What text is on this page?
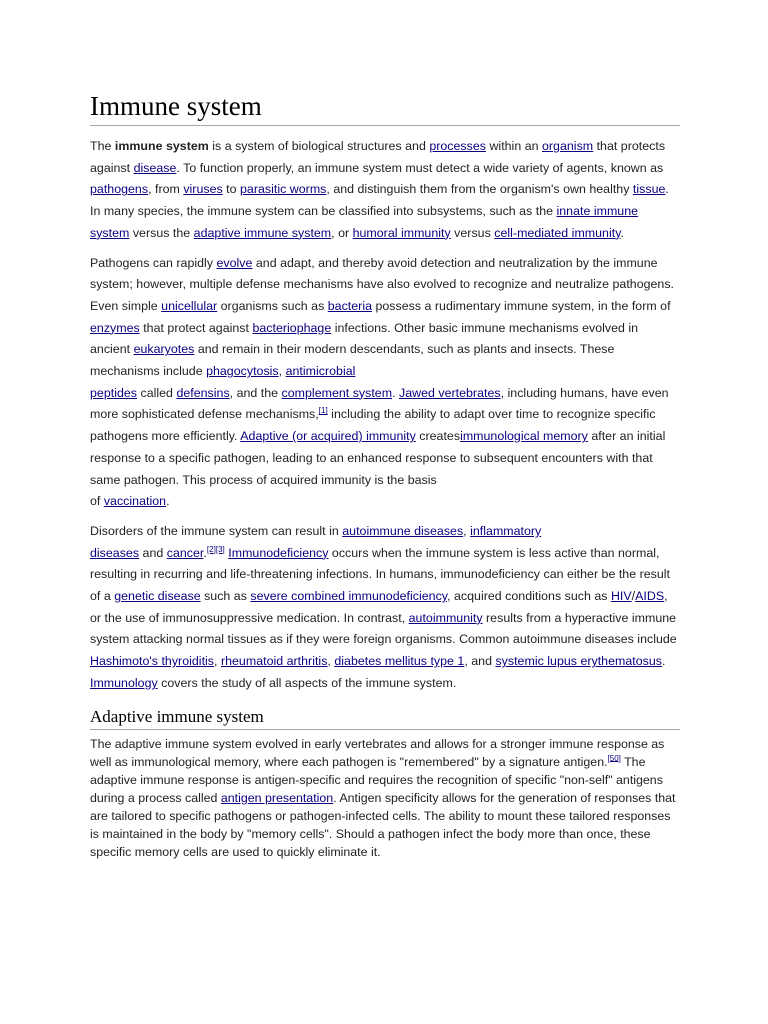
Immune system

The immune system is a system of biological structures and processes within an organism that protects against disease. To function properly, an immune system must detect a wide variety of agents, known as pathogens, from viruses to parasitic worms, and distinguish them from the organism's own healthy tissue. In many species, the immune system can be classified into subsystems, such as the innate immune system versus the adaptive immune system, or humoral immunity versus cell-mediated immunity.

Pathogens can rapidly evolve and adapt, and thereby avoid detection and neutralization by the immune system; however, multiple defense mechanisms have also evolved to recognize and neutralize pathogens. Even simple unicellular organisms such as bacteria possess a rudimentary immune system, in the form of enzymes that protect against bacteriophage infections. Other basic immune mechanisms evolved in ancient eukaryotes and remain in their modern descendants, such as plants and insects. These mechanisms include phagocytosis, antimicrobial
peptides called defensins, and the complement system. Jawed vertebrates, including humans, have even more sophisticated defense mechanisms,[1] including the ability to adapt over time to recognize specific pathogens more efficiently. Adaptive (or acquired) immunity createsimmunological memory after an initial response to a specific pathogen, leading to an enhanced response to subsequent encounters with that same pathogen. This process of acquired immunity is the basis
of vaccination.

Disorders of the immune system can result in autoimmune diseases, inflammatory
diseases and cancer.[2][3] Immunodeficiency occurs when the immune system is less active than normal, resulting in recurring and life-threatening infections. In humans, immunodeficiency can either be the result of a genetic disease such as severe combined immunodeficiency, acquired conditions such as HIV/AIDS, or the use of immunosuppressive medication. In contrast, autoimmunity results from a hyperactive immune system attacking normal tissues as if they were foreign organisms. Common autoimmune diseases include Hashimoto's thyroiditis, rheumatoid arthritis, diabetes mellitus type 1, and systemic lupus erythematosus. Immunology covers the study of all aspects of the immune system.

Adaptive immune system

The adaptive immune system evolved in early vertebrates and allows for a stronger immune response as well as immunological memory, where each pathogen is "remembered" by a signature antigen.[50] The adaptive immune response is antigen-specific and requires the recognition of specific "non-self" antigens during a process called antigen presentation. Antigen specificity allows for the generation of responses that are tailored to specific pathogens or pathogen-infected cells. The ability to mount these tailored responses is maintained in the body by "memory cells". Should a pathogen infect the body more than once, these specific memory cells are used to quickly eliminate it.
